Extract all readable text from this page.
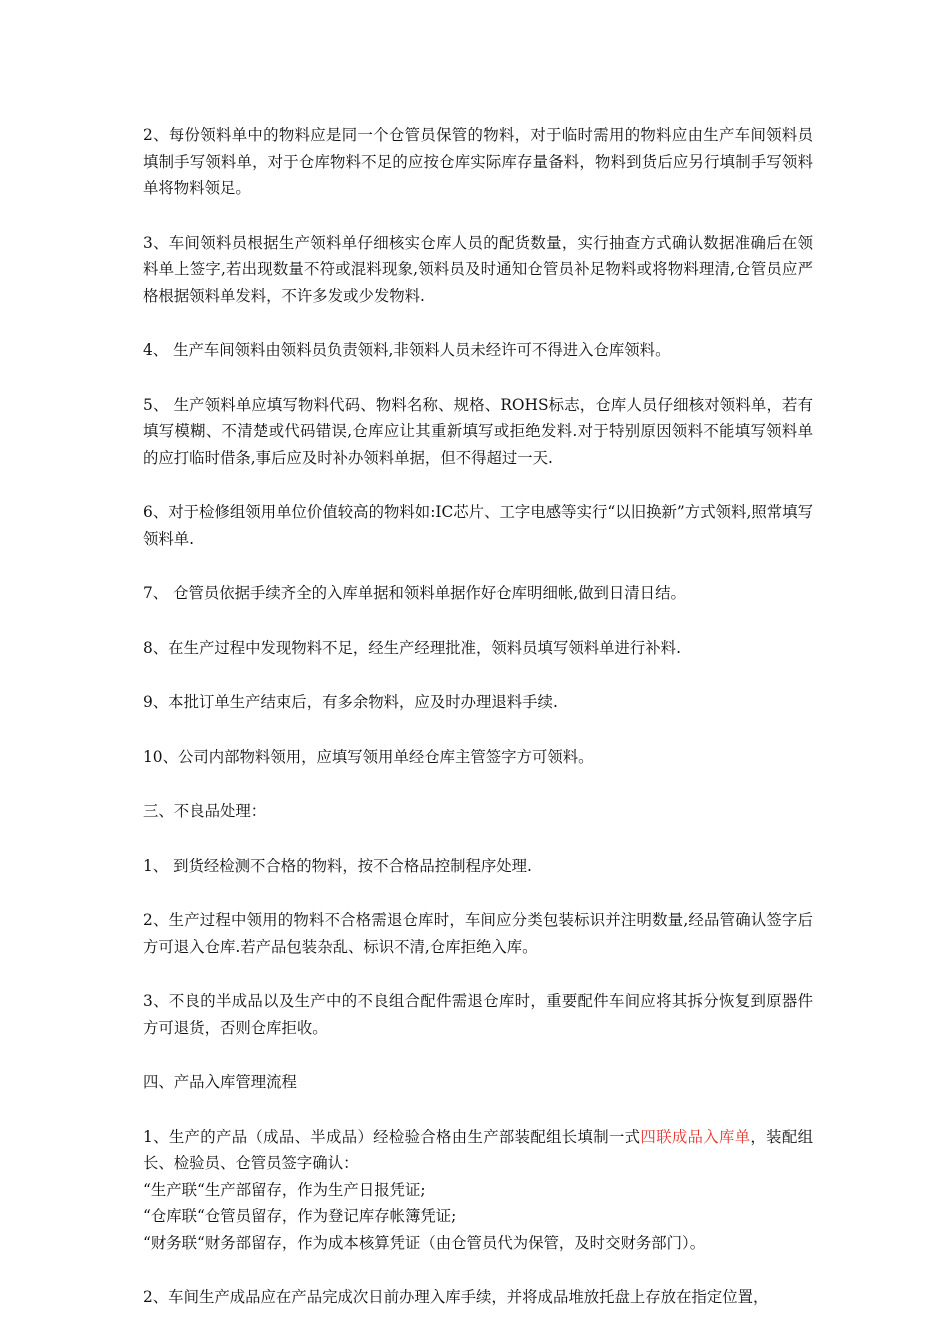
2、每份领料单中的物料应是同一个仓管员保管的物料，对于临时需用的物料应由生产车间领料员填制手写领料单，对于仓库物料不足的应按仓库实际库存量备料，物料到货后应另行填制手写领料单将物料领足。

3、车间领料员根据生产领料单仔细核实仓库人员的配货数量，实行抽查方式确认数据准确后在领料单上签字,若出现数量不符或混料现象,领料员及时通知仓管员补足物料或将物料理清,仓管员应严格根据领料单发料，不许多发或少发物料.

4、 生产车间领料由领料员负责领料,非领料人员未经许可不得进入仓库领料。

5、 生产领料单应填写物料代码、物料名称、规格、ROHS标志，仓库人员仔细核对领料单，若有填写模糊、不清楚或代码错误,仓库应让其重新填写或拒绝发料.对于特别原因领料不能填写领料单的应打临时借条,事后应及时补办领料单据，但不得超过一天.

6、对于检修组领用单位价值较高的物料如:IC芯片、工字电感等实行“以旧换新”方式领料,照常填写领料单.

7、 仓管员依据手续齐全的入库单据和领料单据作好仓库明细帐,做到日清日结。

8、在生产过程中发现物料不足，经生产经理批准，领料员填写领料单进行补料.

9、本批订单生产结束后，有多余物料，应及时办理退料手续.

10、公司内部物料领用，应填写领用单经仓库主管签字方可领料。

三、不良品处理：

1、 到货经检测不合格的物料，按不合格品控制程序处理.

2、生产过程中领用的物料不合格需退仓库时，车间应分类包装标识并注明数量,经品管确认签字后方可退入仓库.若产品包装杂乱、标识不清,仓库拒绝入库。

3、不良的半成品以及生产中的不良组合配件需退仓库时，重要配件车间应将其拆分恢复到原器件方可退货，否则仓库拒收。

四、产品入库管理流程

1、生产的产品（成品、半成品）经检验合格由生产部装配组长填制一式四联成品入库单，装配组长、检验员、仓管员签字确认：
“生产联“生产部留存，作为生产日报凭证;
“仓库联“仓管员留存，作为登记库存帐簿凭证;
“财务联“财务部留存，作为成本核算凭证（由仓管员代为保管，及时交财务部门）。

2、车间生产成品应在产品完成次日前办理入库手续，并将成品堆放托盘上存放在指定位置，
